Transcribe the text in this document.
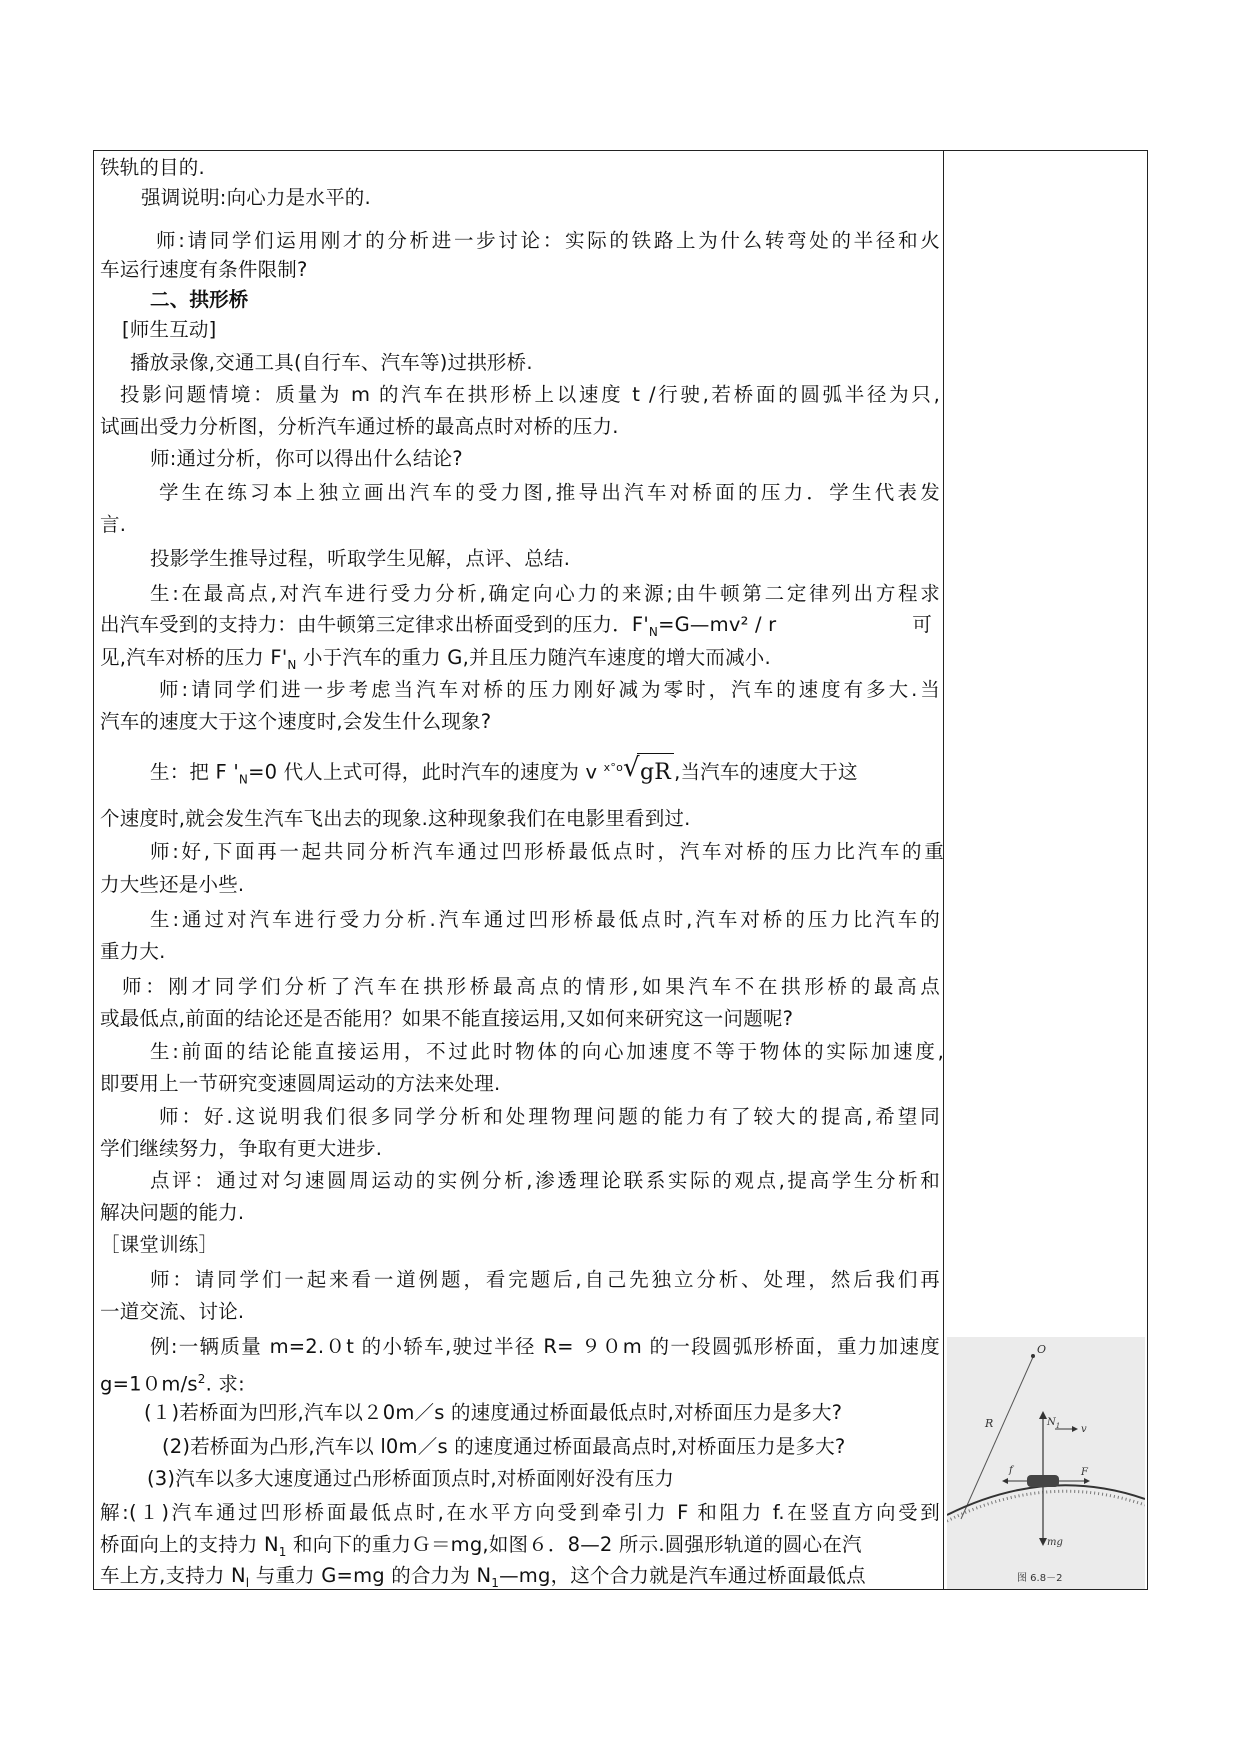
铁轨的目的.
强调说明:向心力是水平的.
师:请同学们运用刚才的分析进一步讨论：实际的铁路上为什么转弯处的半径和火
车运行速度有条件限制?
二、拱形桥
[师生互动]
播放录像,交通工具(自行车、汽车等)过拱形桥.
投影问题情境：质量为 m 的汽车在拱形桥上以速度 t /行驶,若桥面的圆弧半径为只,
试画出受力分析图，分析汽车通过桥的最高点时对桥的压力.
师:通过分析，你可以得出什么结论?
学生在练习本上独立画出汽车的受力图,推导出汽车对桥面的压力．学生代表发
言.
投影学生推导过程，听取学生见解，点评、总结.
生:在最高点,对汽车进行受力分析,确定向心力的来源;由牛顿第二定律列出方程求
出汽车受到的支持力：由牛顿第三定律求出桥面受到的压力．$F'_N=G—mv^2 / r$	可
见,汽车对桥的压力 $F'_N$ 小于汽车的重力 G,并且压力随汽车速度的增大而减小.
师:请同学们进一步考虑当汽车对桥的压力刚好减为零时，汽车的速度有多大.当
汽车的速度大于这个速度时,会发生什么现象?
生：把 F '$_N=0$ 代人上式可得，此时汽车的速度为 v $^{x^\circ o}$ √ gR ,当汽车的速度大于这
个速度时,就会发生汽车飞出去的现象.这种现象我们在电影里看到过.
师:好,下面再一起共同分析汽车通过凹形桥最低点时，汽车对桥的压力比汽车的重
力大些还是小些.
生:通过对汽车进行受力分析.汽车通过凹形桥最低点时,汽车对桥的压力比汽车的
重力大.
师：刚才同学们分析了汽车在拱形桥最高点的情形,如果汽车不在拱形桥的最高点
或最低点,前面的结论还是否能用？如果不能直接运用,又如何来研究这一问题呢?
生:前面的结论能直接运用，不过此时物体的向心加速度不等于物体的实际加速度,
即要用上一节研究变速圆周运动的方法来处理.
师：好.这说明我们很多同学分析和处理物理问题的能力有了较大的提高,希望同
学们继续努力，争取有更大进步.
点评：通过对匀速圆周运动的实例分析,渗透理论联系实际的观点,提高学生分析和
解决问题的能力.
［课堂训练］
师：请同学们一起来看一道例题，看完题后,自己先独立分析、处理，然后我们再
一道交流、讨论.
例:一辆质量 m=2.０t 的小轿车,驶过半径 R= ９０m 的一段圆弧形桥面，重力加速度
$g=10m/s^2$. 求:
(１)若桥面为凹形,汽车以２0m／s 的速度通过桥面最低点时,对桥面压力是多大?
(2)若桥面为凸形,汽车以 l0m／s 的速度通过桥面最高点时,对桥面压力是多大?
(3)汽车以多大速度通过凸形桥面顶点时,对桥面刚好没有压力
解:(１)汽车通过凹形桥面最低点时,在水平方向受到牵引力 F 和阻力 f.在竖直方向受到
桥面向上的支持力 $N_1$ 和向下的重力Ｇ＝mg,如图６．8—2 所示.圆强形轨道的圆心在汽
车上方,支持力 $N_l$ 与重力 G=mg 的合力为 $N_1—mg$，这个合力就是汽车通过桥面最低点
O
R	$N_1$ v
F
f
mg
图 6.8－2
